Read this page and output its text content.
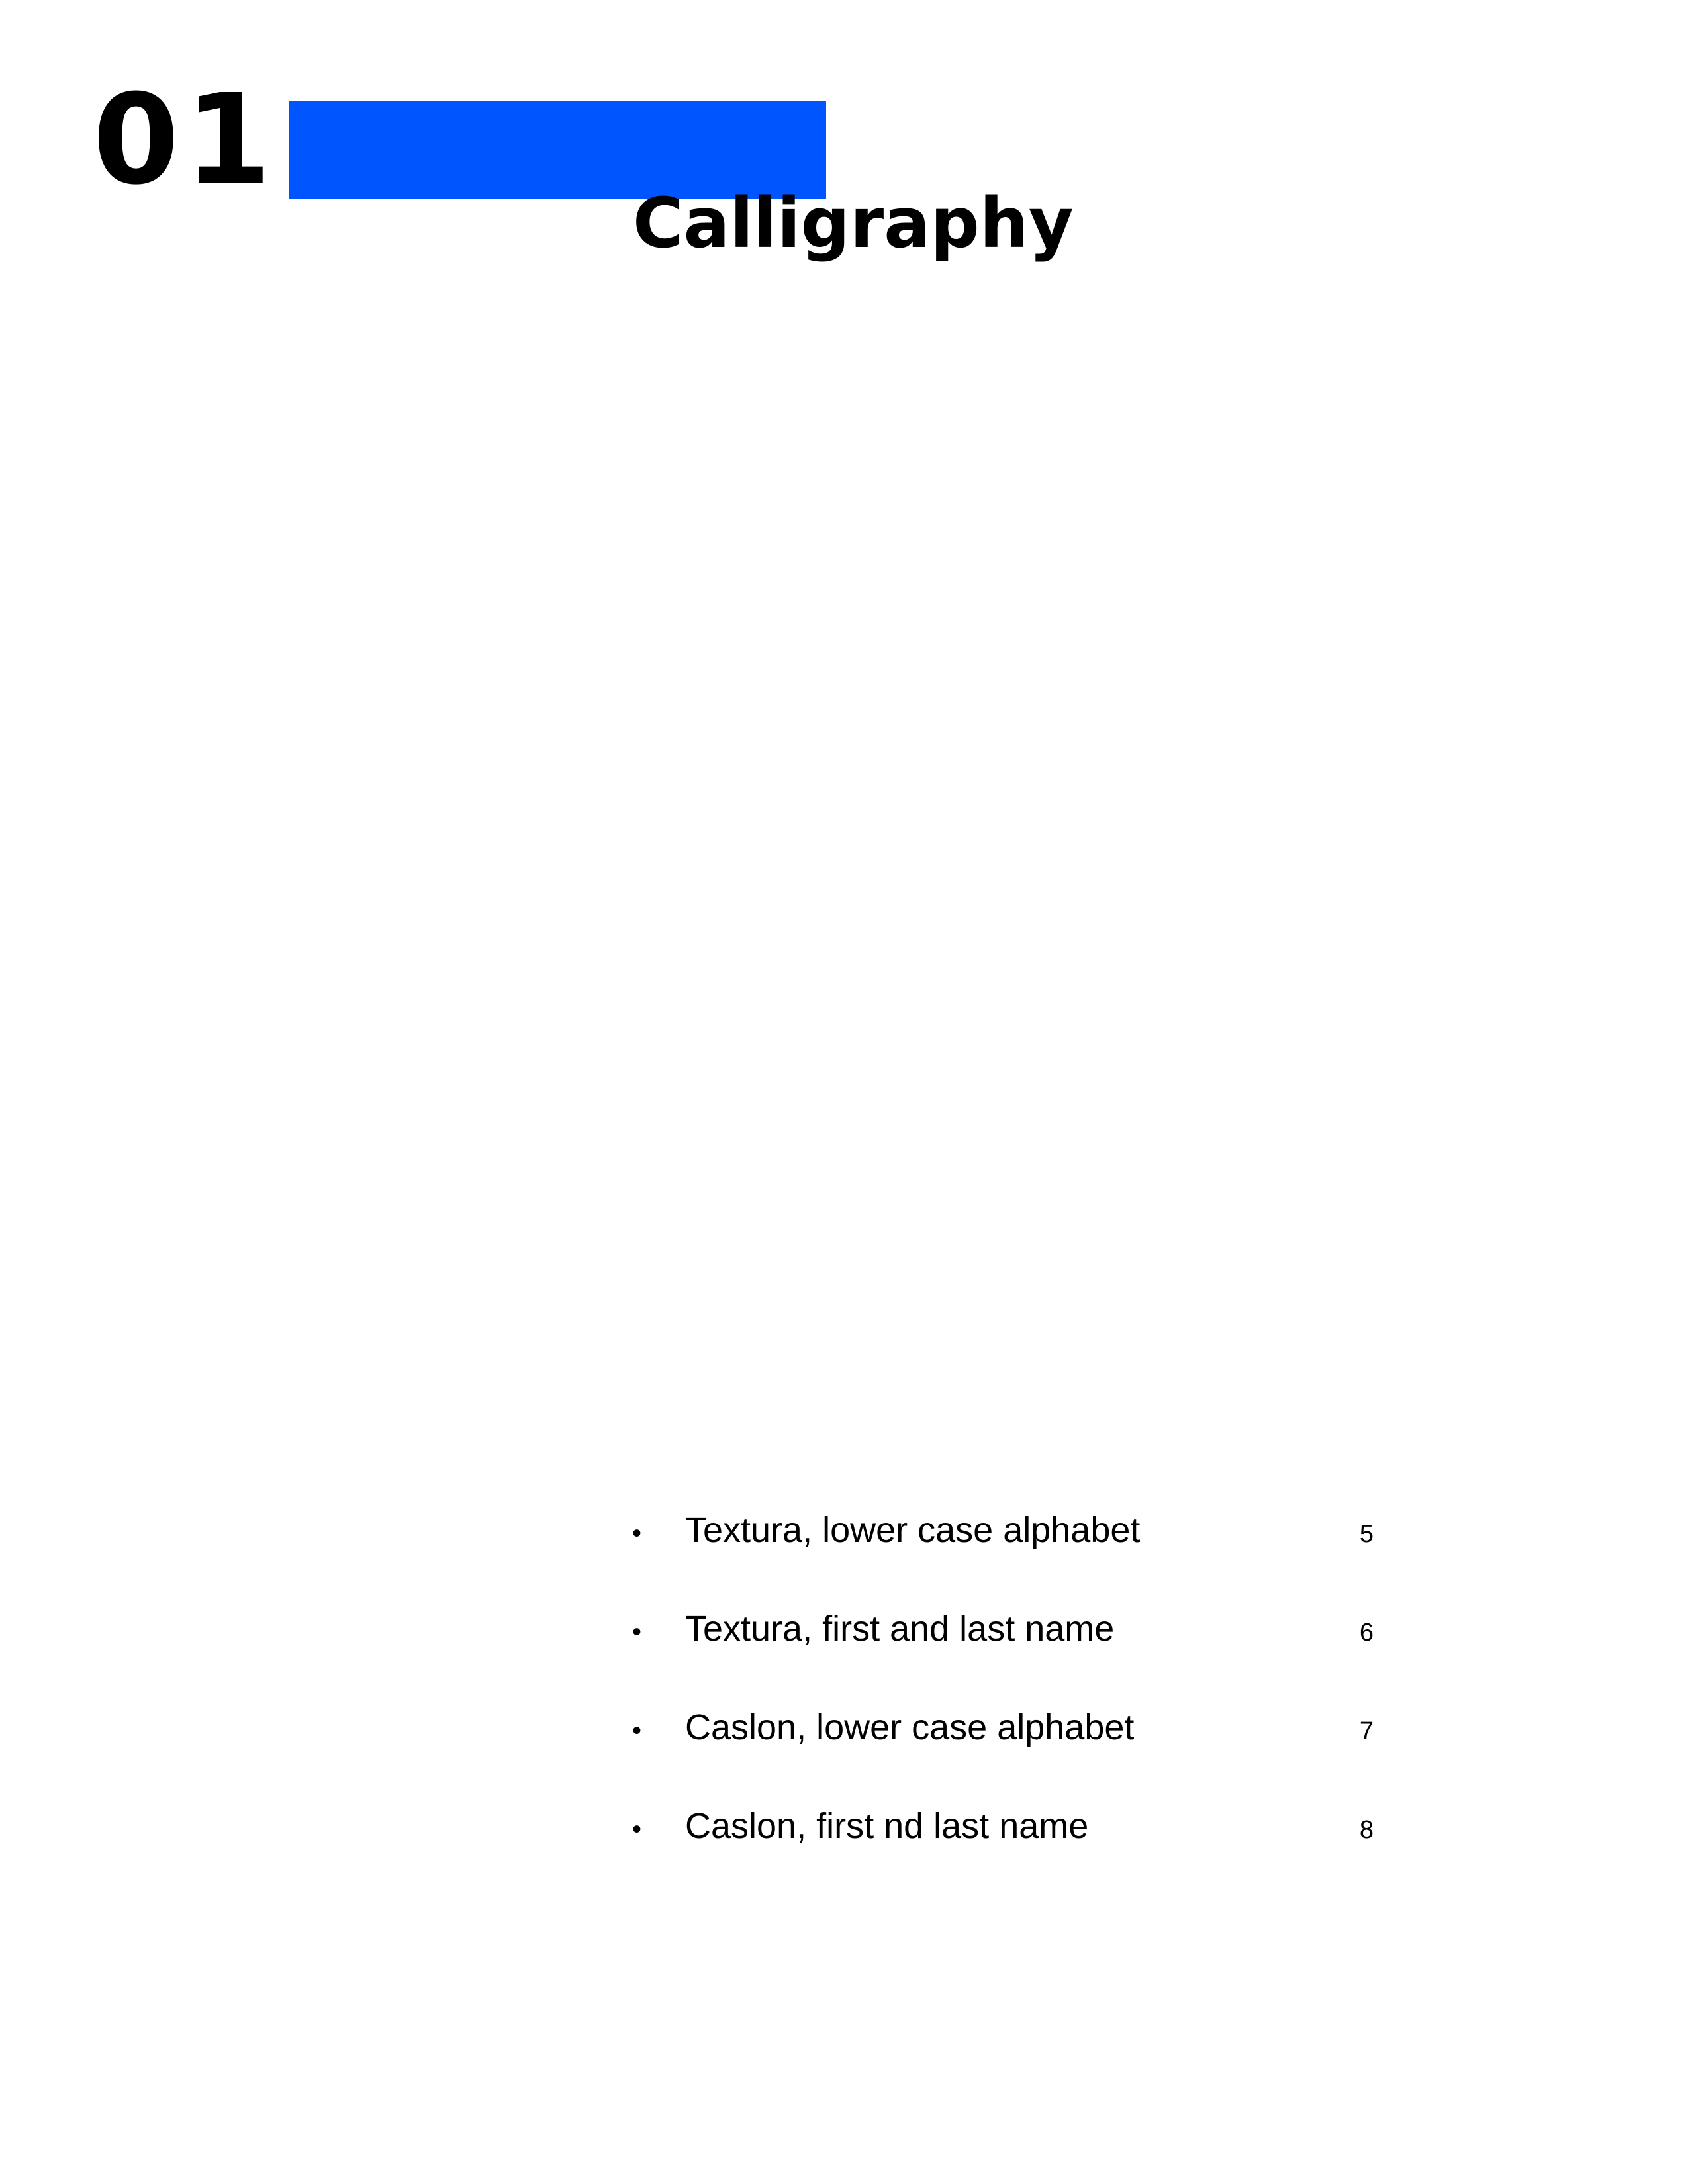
01
Calligraphy
•	Textura, lower case alphabet	5
•	Textura, first and last name	6
•	Caslon, lower case alphabet	7
•	Caslon, first nd last name	8
